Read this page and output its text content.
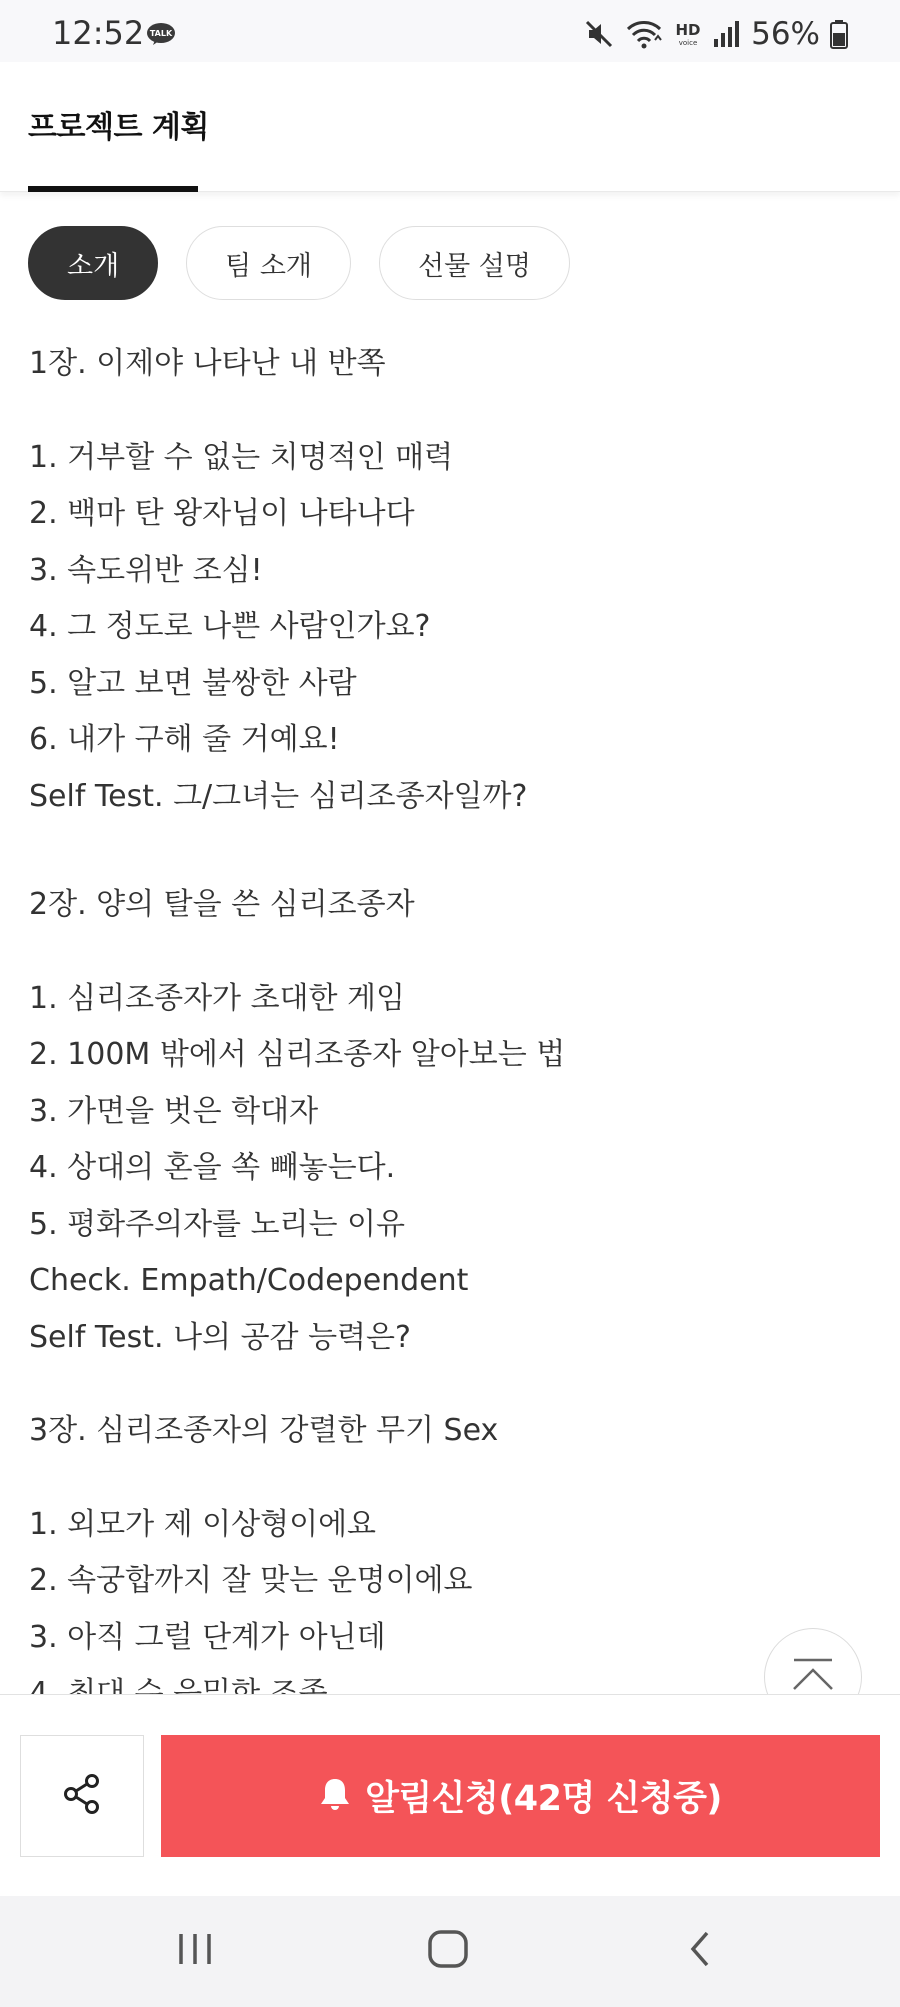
12:52 TALK	HD
voice 56%
프로젝트 계획
소개	팀 소개	선물 설명
1장. 이제야 나타난 내 반쪽
1. 거부할 수 없는 치명적인 매력
2. 백마 탄 왕자님이 나타나다
3. 속도위반 조심!
4. 그 정도로 나쁜 사람인가요?
5. 알고 보면 불쌍한 사람
6. 내가 구해 줄 거예요!
Self Test. 그/그녀는 심리조종자일까?
2장. 양의 탈을 쓴 심리조종자
1. 심리조종자가 초대한 게임
2. 100M 밖에서 심리조종자 알아보는 법
3. 가면을 벗은 학대자
4. 상대의 혼을 쏙 빼놓는다.
5. 평화주의자를 노리는 이유
Check. Empath/Codependent
Self Test. 나의 공감 능력은?
3장. 심리조종자의 강렬한 무기 Sex
1. 외모가 제 이상형이에요
2. 속궁합까지 잘 맞는 운명이에요
3. 아직 그럴 단계가 아닌데
알림신청(42명 신청중)
